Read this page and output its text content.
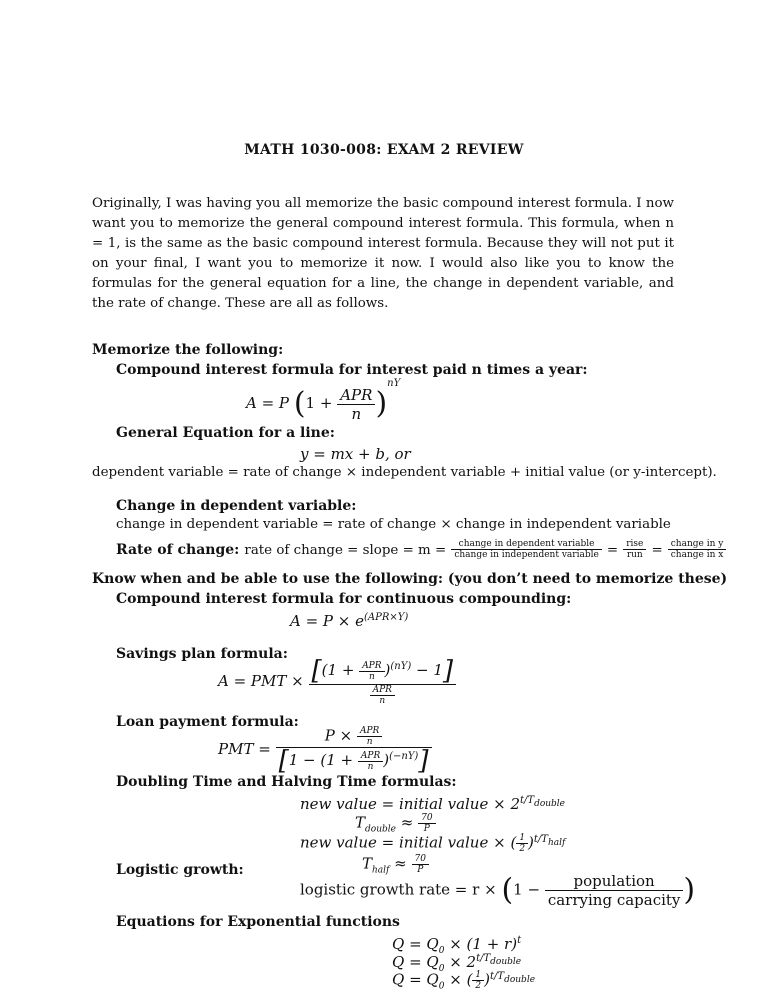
MATH 1030-008: EXAM 2 REVIEW

Originally, I was having you all memorize the basic compound interest formula. I now want you to memorize the general compound interest formula. This formula, when n = 1, is the same as the basic compound interest formula. Because they will not put it on your final, I want you to memorize it now. I would also like you to know the formulas for the general equation for a line, the change in dependent variable, and the rate of change. These are all as follows.

Memorize the following:
Compound interest formula for interest paid n times a year:
A = P $(1 + \frac{\text{APR}}{n} )^{nY}$
General Equation for a line:
y = mx + b, or
dependent variable = rate of change × independent variable + initial value (or y-intercept).
Change in dependent variable:
change in dependent variable = rate of change × change in independent variable
Rate of change: rate of change = slope = $m = \frac{\text{change in dependent variable}}{\text{change in independent variable}} = \frac{\text{rise}}{\text{run}} = \frac{\text{change in y}}{\text{change in x}}$
Know when and be able to use the following: (you don’t need to memorize these)
Compound interest formula for continuous compounding:
$A = P \times e^{(APR\times Y)}$
Savings plan formula:
A = PMT × $\frac{[(1 + \frac{\text{APR}}{n} )^{(nY)} - 1]}{\frac{\text{APR}}{n}}$
Loan payment formula:
PMT = $\frac{P \times \frac{\text{APR}}{n}}{[1 - (1 + \frac{\text{APR}}{n} )^{(-nY)}]}$
Doubling Time and Halving Time formulas:
new value = initial value × $2^{t/Tdouble}$
$T_{double} \approx \frac{70}{P}$
new value = initial value × ( $\frac{1}{2} )^{t/Thalf}$
$T_{half} \approx \frac{70}{P}$
Logistic growth:
logistic growth rate = $r \times (1 - \frac{\text{population}}{\text{carrying capacity}}$ )
Equations for Exponential functions
$Q = Q_0 \times (1 + r)^t$
$Q = Q_0 \times 2^{t/Tdouble}$
$Q = Q_0$ × ( $\frac{1}{2} )^{t/Tdouble}$
